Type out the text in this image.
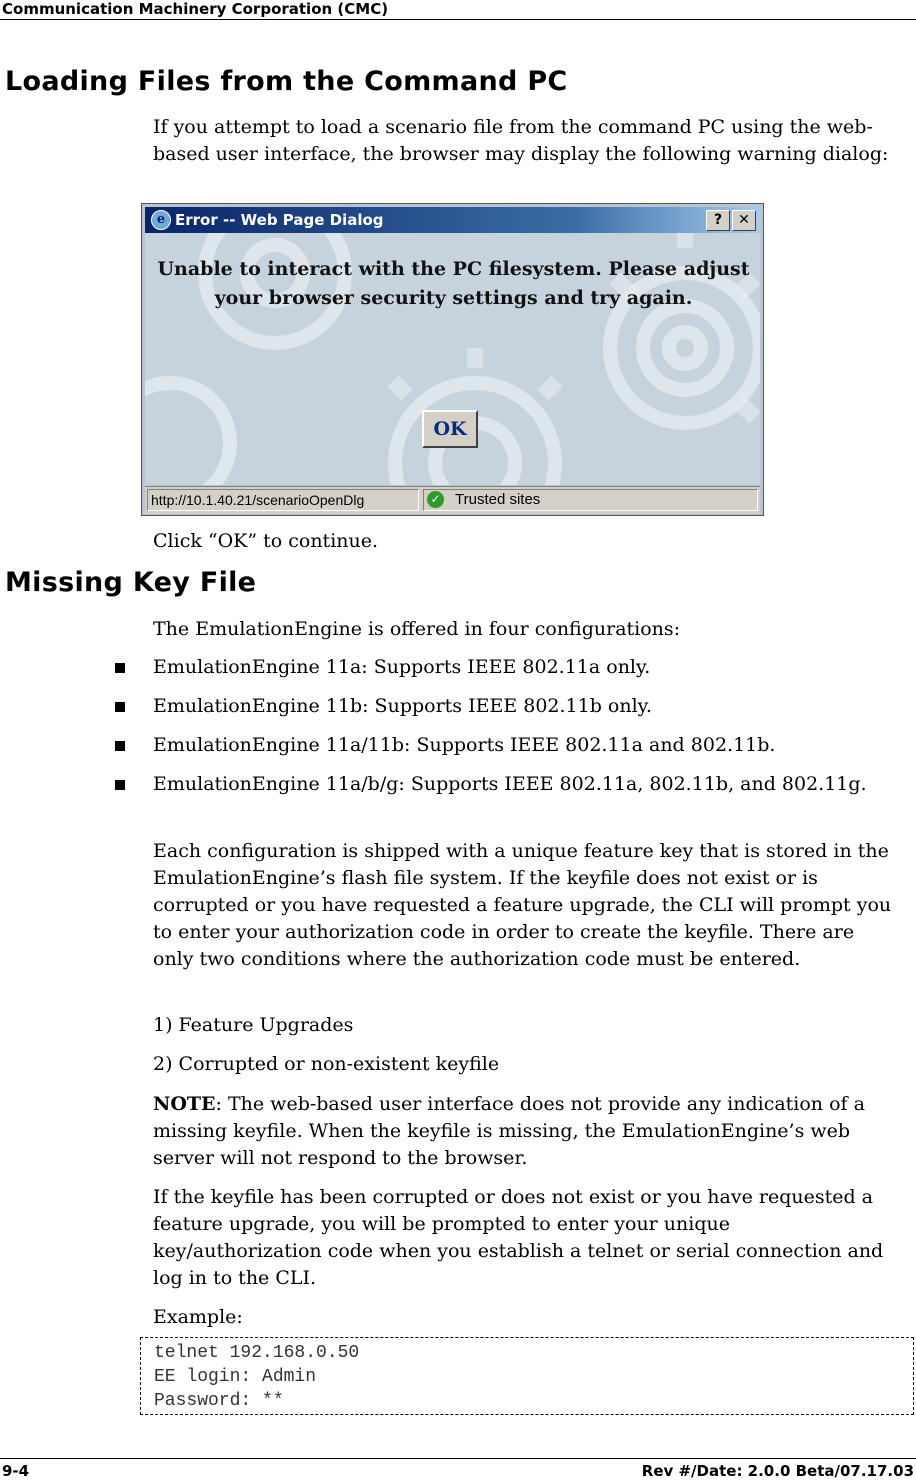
Communication Machinery Corporation (CMC)
Loading Files from the Command PC
If you attempt to load a scenario file from the command PC using the web-based user interface, the browser may display the following warning dialog:
e Error -- Web Page Dialog	?	✕
Unable to interact with the PC filesystem. Please adjust
your browser security settings and try again.
OK
http://10.1.40.21/scenarioOpenDlg	✓ Trusted sites
Click “OK” to continue.
Missing Key File
The EmulationEngine is offered in four configurations:
EmulationEngine 11a: Supports IEEE 802.11a only.
EmulationEngine 11b: Supports IEEE 802.11b only.
EmulationEngine 11a/11b: Supports IEEE 802.11a and 802.11b.
EmulationEngine 11a/b/g: Supports IEEE 802.11a, 802.11b, and 802.11g.
Each configuration is shipped with a unique feature key that is stored in the EmulationEngine’s flash file system. If the keyfile does not exist or is corrupted or you have requested a feature upgrade, the CLI will prompt you to enter your authorization code in order to create the keyfile. There are only two conditions where the authorization code must be entered.
1) Feature Upgrades
2) Corrupted or non-existent keyfile
NOTE: The web-based user interface does not provide any indication of a missing keyfile. When the keyfile is missing, the EmulationEngine’s web server will not respond to the browser.
If the keyfile has been corrupted or does not exist or you have requested a feature upgrade, you will be prompted to enter your unique key/authorization code when you establish a telnet or serial connection and log in to the CLI.
Example:
telnet 192.168.0.50
EE login: Admin
Password: **
9-4	Rev #/Date: 2.0.0 Beta/07.17.03
